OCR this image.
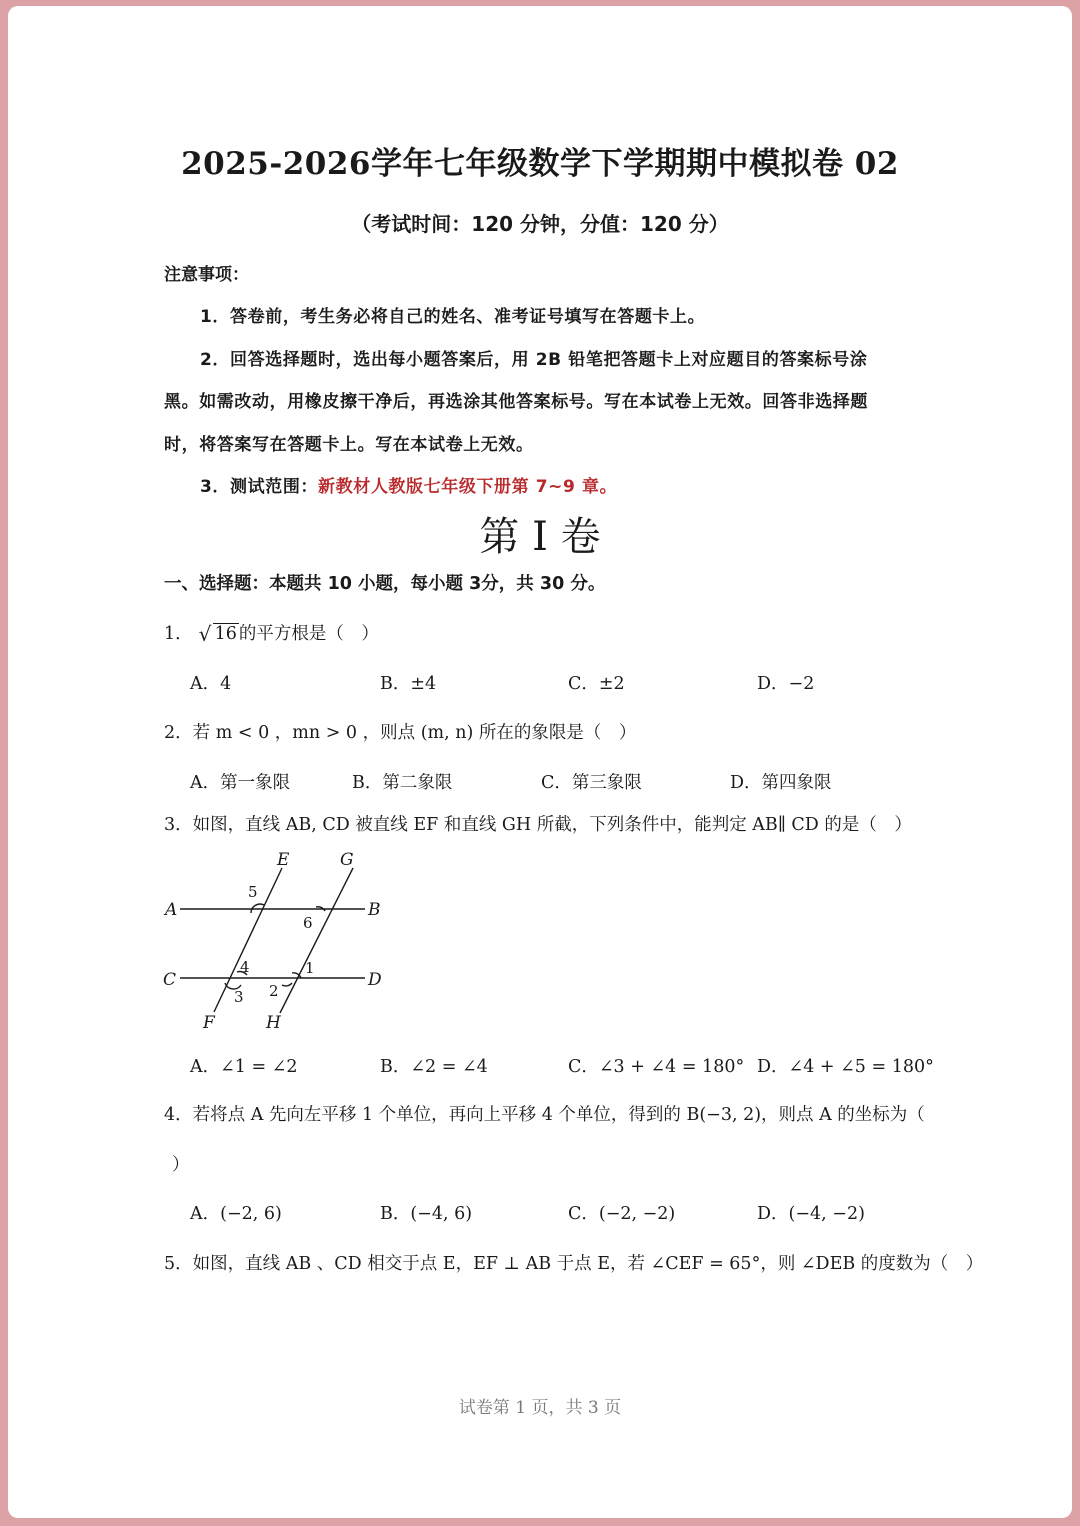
2025-2026学年七年级数学下学期期中模拟卷 02
（考试时间：120 分钟，分值：120 分）
注意事项：
1．答卷前，考生务必将自己的姓名、准考证号填写在答题卡上。
2．回答选择题时，选出每小题答案后，用 2B 铅笔把答题卡上对应题目的答案标号涂
黑。如需改动，用橡皮擦干净后，再选涂其他答案标号。写在本试卷上无效。回答非选择题
时，将答案写在答题卡上。写在本试卷上无效。
3．测试范围：新教材人教版七年级下册第 7~9 章。
第 I 卷
一、选择题：本题共 10 小题，每小题 3分，共 30 分。
1．√ 16 的平方根是（　）
A．4	B．±4	C．±2	D．−2
2．若 m < 0 ，mn > 0 ，则点 (m, n) 所在的象限是（　）
A．第一象限	B．第二象限	C．第三象限	D．第四象限
3．如图，直线 AB, CD 被直线 EF 和直线 GH 所截，下列条件中，能判定 AB∥ CD 的是（　）
E	G
A	B
C	D
F	H
5
6
4
3
1
2
A．∠1 = ∠2	B．∠2 = ∠4	C．∠3 + ∠4 = 180° D．∠4 + ∠5 = 180°
4．若将点 A 先向左平移 1 个单位，再向上平移 4 个单位，得到的 B(−3, 2)，则点 A 的坐标为（
）
A．(−2, 6)	B．(−4, 6)	C．(−2, −2)	D．(−4, −2)
5．如图，直线 AB 、CD 相交于点 E，EF ⊥ AB 于点 E，若 ∠CEF = 65°，则 ∠DEB 的度数为（　）
试卷第 1 页，共 3 页
